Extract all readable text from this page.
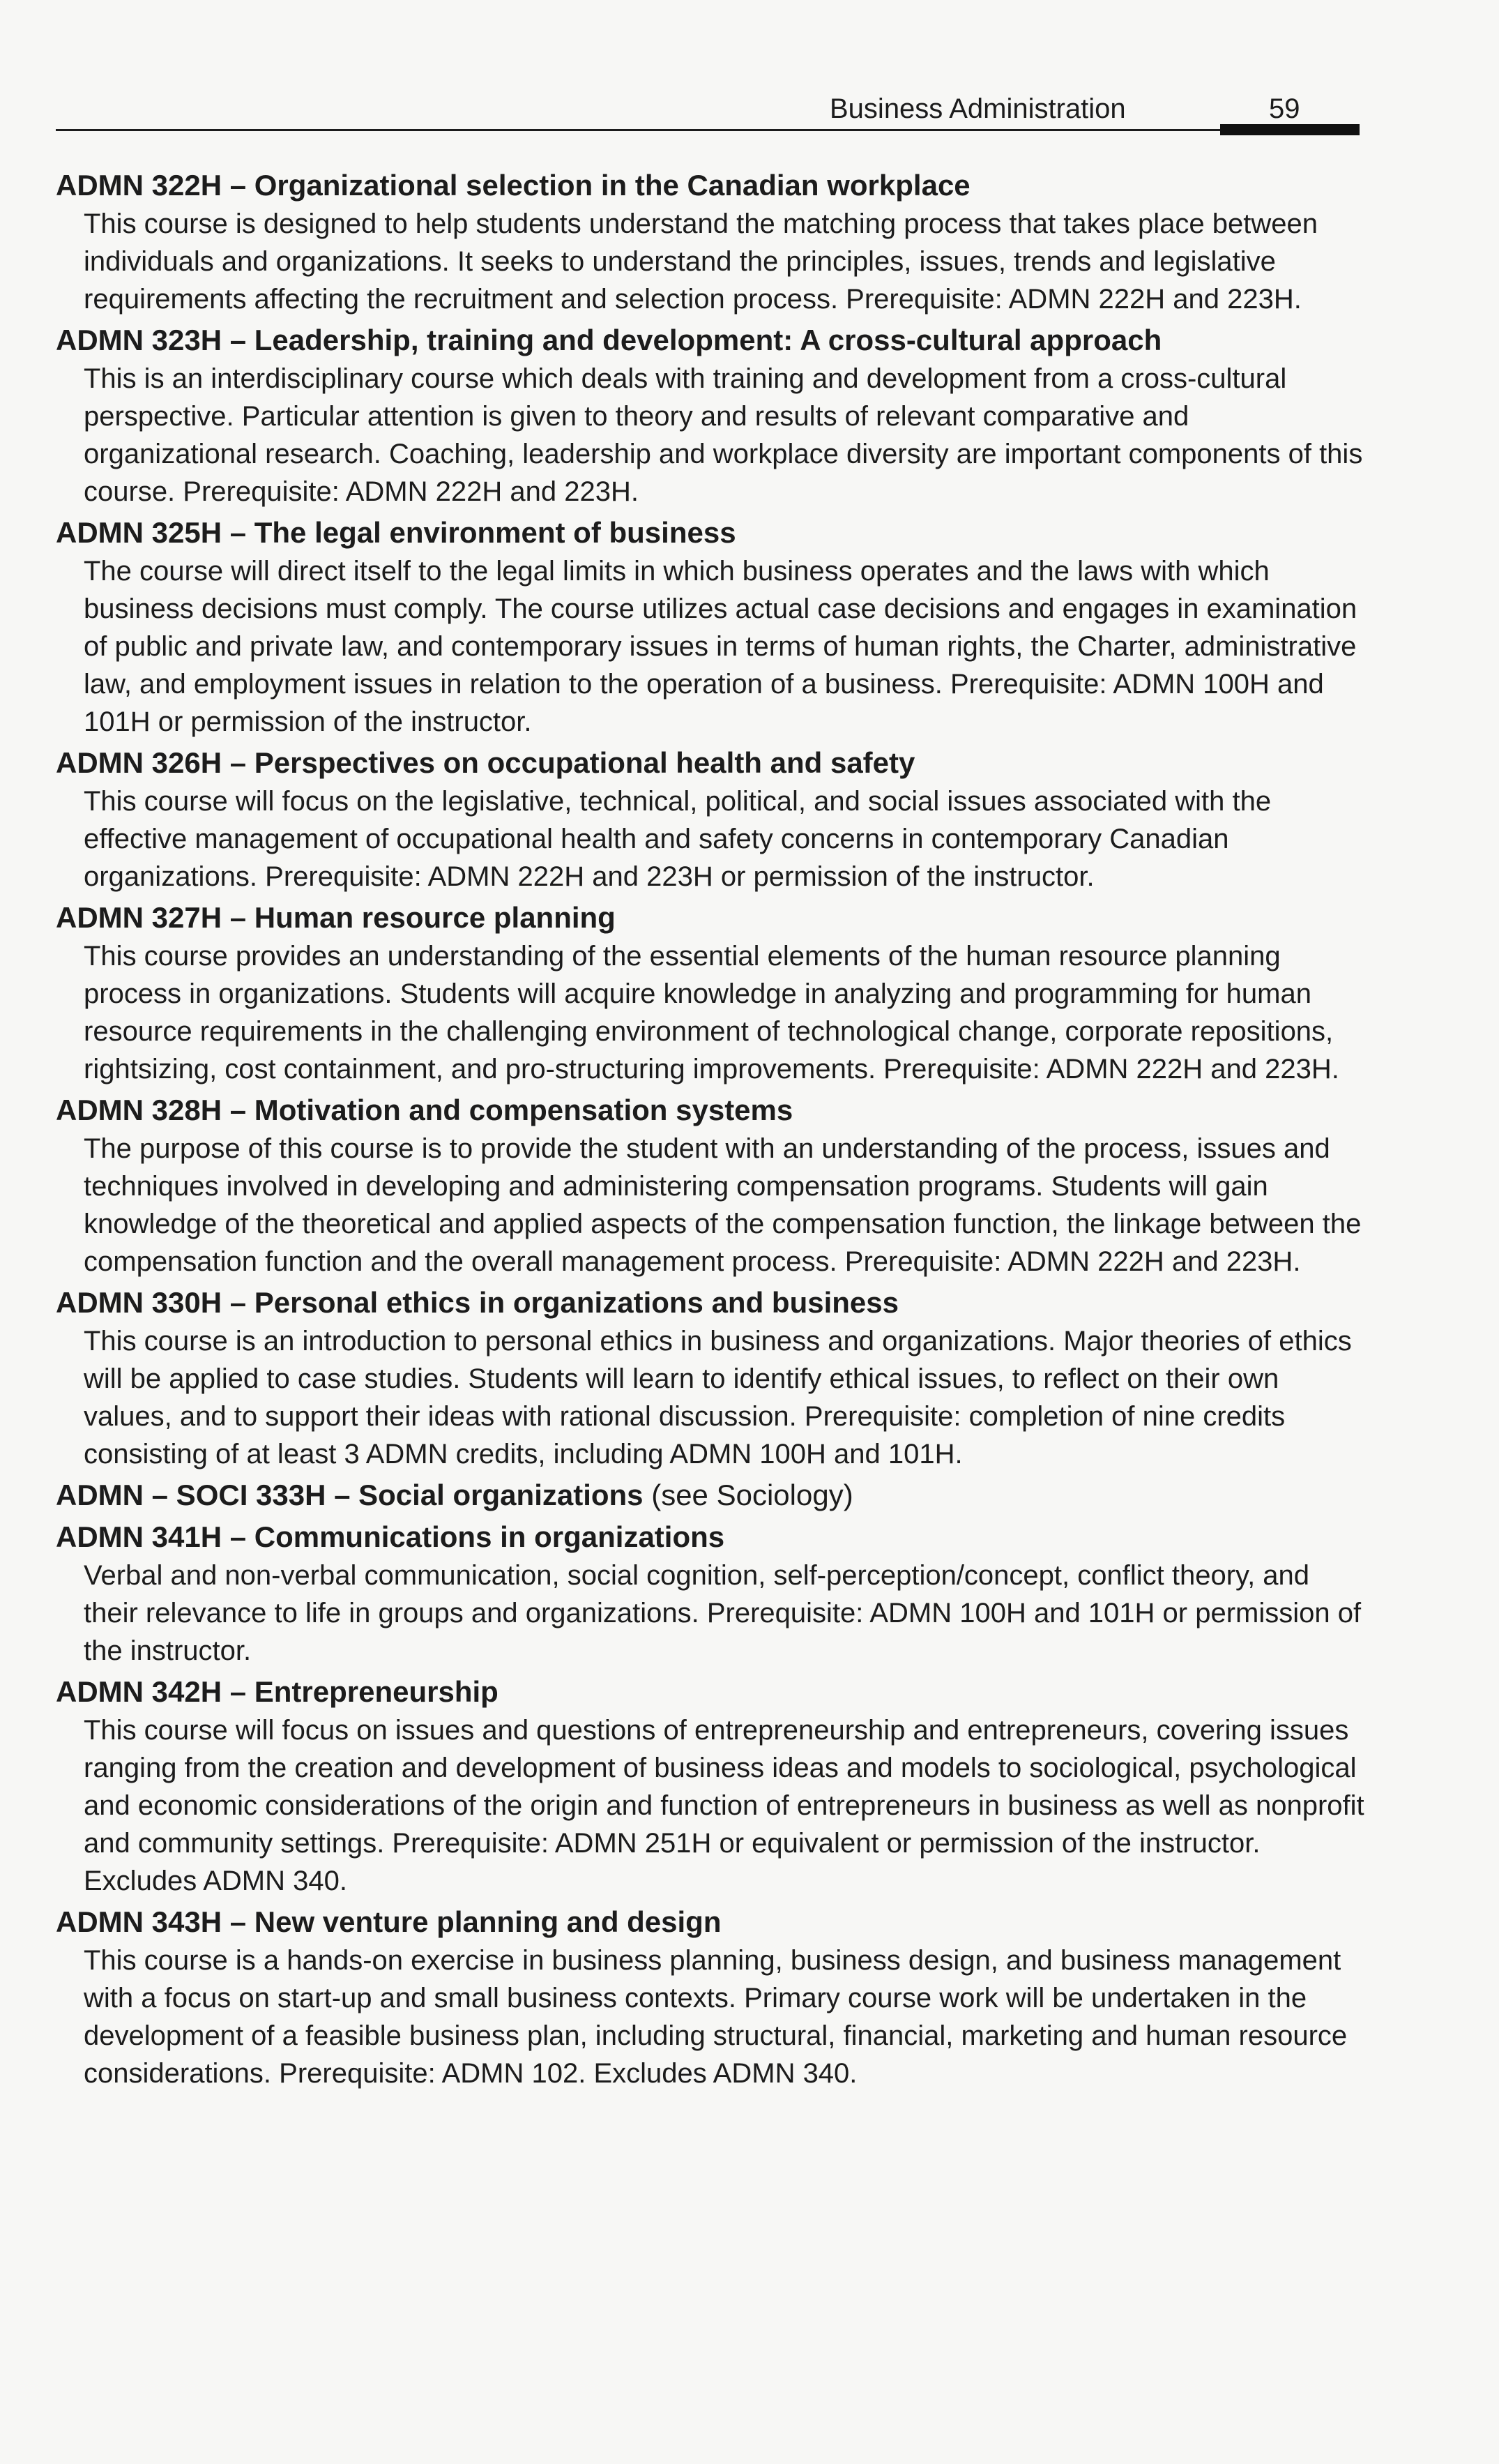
Business Administration	59
ADMN 322H – Organizational selection in the Canadian workplace

This course is designed to help students understand the matching process that takes place between individuals and organizations. It seeks to understand the principles, issues, trends and legislative requirements affecting the recruitment and selection process. Prerequisite: ADMN 222H and 223H.

ADMN 323H – Leadership, training and development: A cross-cultural approach

This is an interdisciplinary course which deals with training and development from a cross-cultural perspective. Particular attention is given to theory and results of relevant comparative and organizational research. Coaching, leadership and workplace diversity are important components of this course. Prerequisite: ADMN 222H and 223H.

ADMN 325H – The legal environment of business

The course will direct itself to the legal limits in which business operates and the laws with which business decisions must comply. The course utilizes actual case decisions and engages in examination of public and private law, and contemporary issues in terms of human rights, the Charter, administrative law, and employment issues in relation to the operation of a business. Prerequisite: ADMN 100H and 101H or permission of the instructor.

ADMN 326H – Perspectives on occupational health and safety

This course will focus on the legislative, technical, political, and social issues associated with the effective management of occupational health and safety concerns in contemporary Canadian organizations. Prerequisite: ADMN 222H and 223H or permission of the instructor.

ADMN 327H – Human resource planning

This course provides an understanding of the essential elements of the human resource planning process in organizations. Students will acquire knowledge in analyzing and programming for human resource requirements in the challenging environment of technological change, corporate repositions, rightsizing, cost containment, and pro-structuring improvements. Prerequisite: ADMN 222H and 223H.

ADMN 328H – Motivation and compensation systems

The purpose of this course is to provide the student with an understanding of the process, issues and techniques involved in developing and administering compensation programs. Students will gain knowledge of the theoretical and applied aspects of the compensation function, the linkage between the compensation function and the overall management process. Prerequisite: ADMN 222H and 223H.

ADMN 330H – Personal ethics in organizations and business

This course is an introduction to personal ethics in business and organizations. Major theories of ethics will be applied to case studies. Students will learn to identify ethical issues, to reflect on their own values, and to support their ideas with rational discussion. Prerequisite: completion of nine credits consisting of at least 3 ADMN credits, including ADMN 100H and 101H.

ADMN – SOCI 333H – Social organizations (see Sociology)
ADMN 341H – Communications in organizations

Verbal and non-verbal communication, social cognition, self-perception/concept, conflict theory, and their relevance to life in groups and organizations. Prerequisite: ADMN 100H and 101H or permission of the instructor.

ADMN 342H – Entrepreneurship

This course will focus on issues and questions of entrepreneurship and entrepreneurs, covering issues ranging from the creation and development of business ideas and models to sociological, psychological and economic considerations of the origin and function of entrepreneurs in business as well as nonprofit and community settings. Prerequisite: ADMN 251H or equivalent or permission of the instructor. Excludes ADMN 340.

ADMN 343H – New venture planning and design

This course is a hands-on exercise in business planning, business design, and business management with a focus on start-up and small business contexts. Primary course work will be undertaken in the development of a feasible business plan, including structural, financial, marketing and human resource considerations. Prerequisite: ADMN 102. Excludes ADMN 340.
